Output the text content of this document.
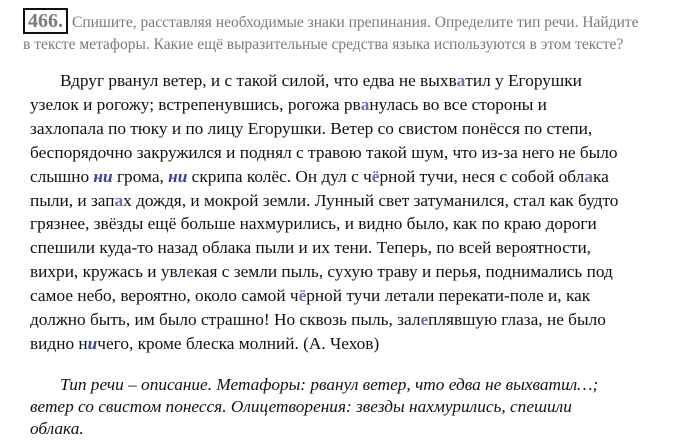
466. Спишите, расставляя необходимые знаки препинания. Определите тип речи. Найдите
в тексте метафоры. Какие ещё выразительные средства языка используются в этом тексте?
Вдруг рванул ветер, и с такой силой, что едва не выхватил у Егорушки
узелок и рогожу; встрепенувшись, рогожа рванулась во все стороны и
захлопала по тюку и по лицу Егорушки. Ветер со свистом понёсся по степи,
беспорядочно закружился и поднял с травою такой шум, что из-за него не было
слышно ни грома, ни скрипа колёс. Он дул с чёрной тучи, неся с собой облака
пыли, и запах дождя, и мокрой земли. Лунный свет затуманился, стал как будто
грязнее, звёзды ещё больше нахмурились, и видно было, как по краю дороги
спешили куда-то назад облака пыли и их тени. Теперь, по всей вероятности,
вихри, кружась и увлекая с земли пыль, сухую траву и перья, поднимались под
самое небо, вероятно, около самой чёрной тучи летали перекати-поле и, как
должно быть, им было страшно! Но сквозь пыль, залеплявшую глаза, не было
видно ничего, кроме блеска молний. (А. Чехов)
Тип речи – описание. Метафоры: рванул ветер, что едва не выхватил…;
ветер со свистом понесся. Олицетворения: звезды нахмурились, спешили
облака.
